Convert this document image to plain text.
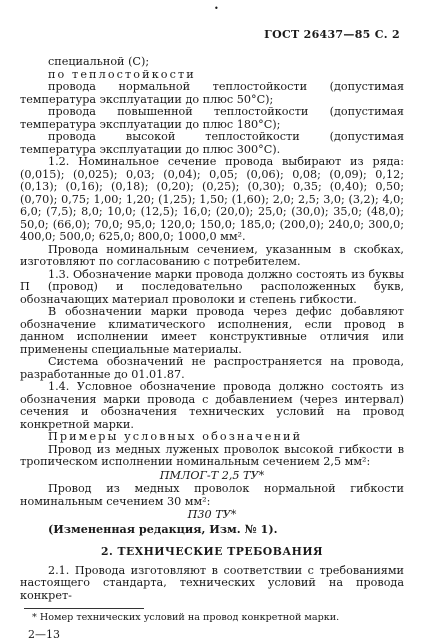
•
ГОСТ 26437—85 С. 2

специальной (С);

по теплостойкости

провода нормальной теплостойкости (допустимая температура эксплуатации до плюс 50°C);

провода повышенной теплостойкости (допустимая температура эксплуатации до плюс 180°C);

провода высокой теплостойкости (допустимая температура эксплуатации до плюс 300°C).

1.2. Номинальное сечение провода выбирают из ряда: (0,015); (0,025); 0,03; (0,04); 0,05; (0,06); 0,08; (0,09); 0,12; (0,13); (0,16); (0,18); (0,20); (0,25); (0,30); 0,35; (0,40); 0,50; (0,70); 0,75; 1,00; 1,20; (1,25); 1,50; (1,60); 2,0; 2,5; 3,0; (3,2); 4,0; 6,0; (7,5); 8,0; 10,0; (12,5); 16,0; (20,0); 25,0; (30,0); 35,0; (48,0); 50,0; (66,0); 70,0; 95,0; 120,0; 150,0; 185,0; (200,0); 240,0; 300,0; 400,0; 500,0; 625,0; 800,0; 1000,0 мм².

Провода номинальным сечением, указанным в скобках, изготовляют по согласованию с потребителем.

1.3. Обозначение марки провода должно состоять из буквы П (провод) и последовательно расположенных букв, обозначающих материал проволоки и степень гибкости.

В обозначении марки провода через дефис добавляют обозначение климатического исполнения, если провод в данном исполнении имеет конструктивные отличия или применены специальные материалы.

Система обозначений не распространяется на провода, разработанные до 01.01.87.

1.4. Условное обозначение провода должно состоять из обозначения марки провода с добавлением (через интервал) сечения и обозначения технических условий на провод конкретной марки.

Примеры условных обозначений

Провод из медных луженых проволок высокой гибкости в тропическом исполнении номинальным сечением 2,5 мм²:

ПМЛОГ-Т 2,5 ТУ*

Провод из медных проволок нормальной гибкости номинальным сечением 30 мм²:

П30 ТУ*

(Измененная редакция, Изм. № 1).

2. ТЕХНИЧЕСКИЕ ТРЕБОВАНИЯ

2.1. Провода изготовляют в соответствии с требованиями настоящего стандарта, технических условий на провода конкрет-

* Номер технических условий на провод конкретной марки.

2—13
